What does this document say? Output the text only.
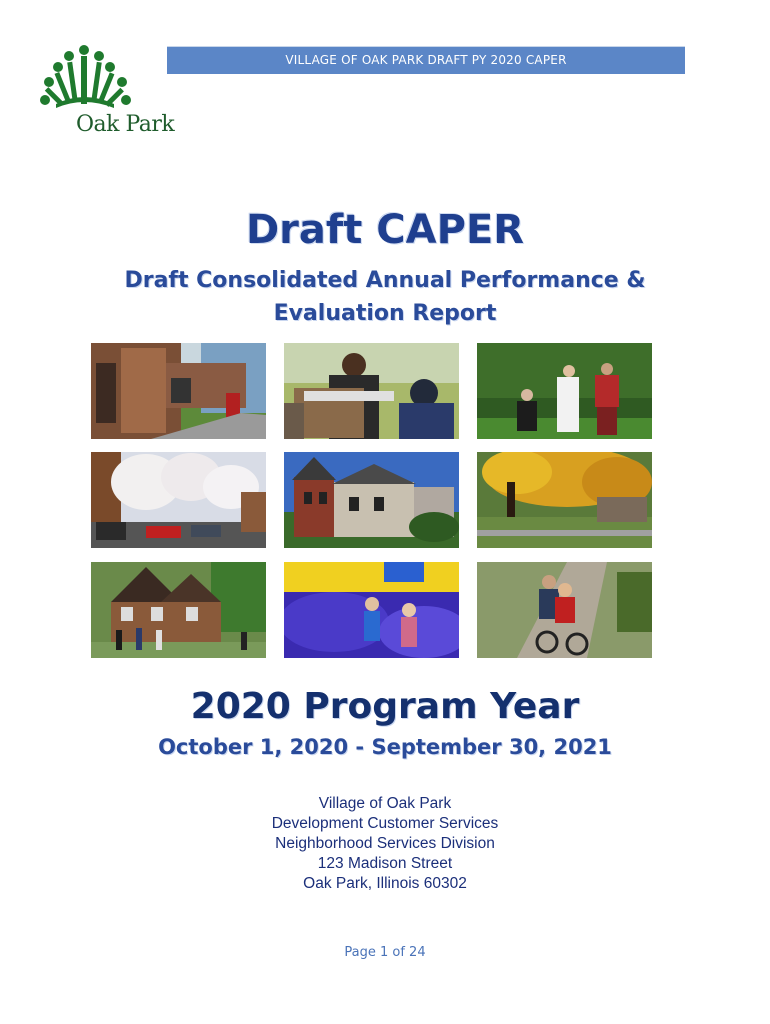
Oak Park
VILLAGE OF OAK PARK DRAFT PY 2020 CAPER
Draft CAPER
Draft Consolidated Annual Performance & Evaluation Report
2020 Program Year
October 1, 2020 - September 30, 2021
Village of Oak Park
Development Customer Services
Neighborhood Services Division
123 Madison Street
Oak Park, Illinois 60302
Page 1 of 24
